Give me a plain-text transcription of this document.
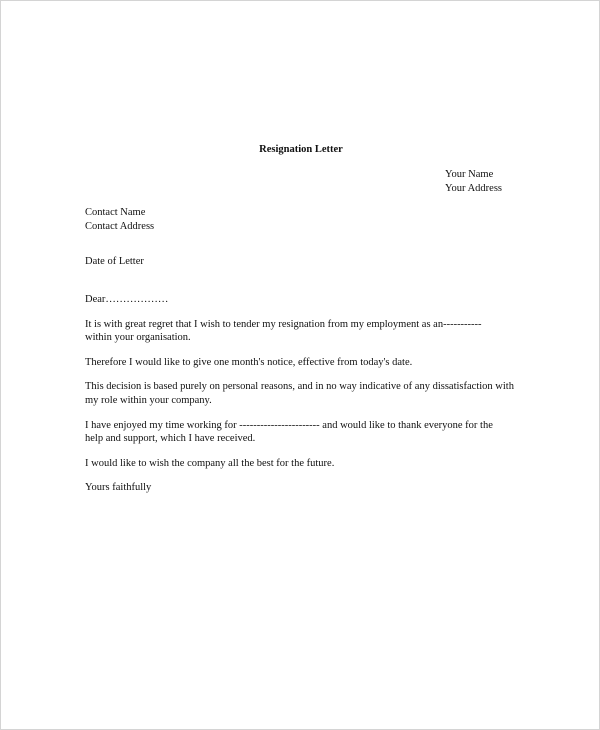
Resignation Letter
Your Name
Your Address
Contact Name
Contact Address
Date of Letter

Dear………………

It is with great regret that I wish to tender my resignation from my employment as an-----------
within your organisation.

Therefore I would like to give one month's notice, effective from today's date.

This decision is based purely on personal reasons, and in no way indicative of any dissatisfaction with
my role within your company.

I have enjoyed my time working for ----------------------- and would like to thank everyone for the
help and support, which I have received.

I would like to wish the company all the best for the future.

Yours faithfully
